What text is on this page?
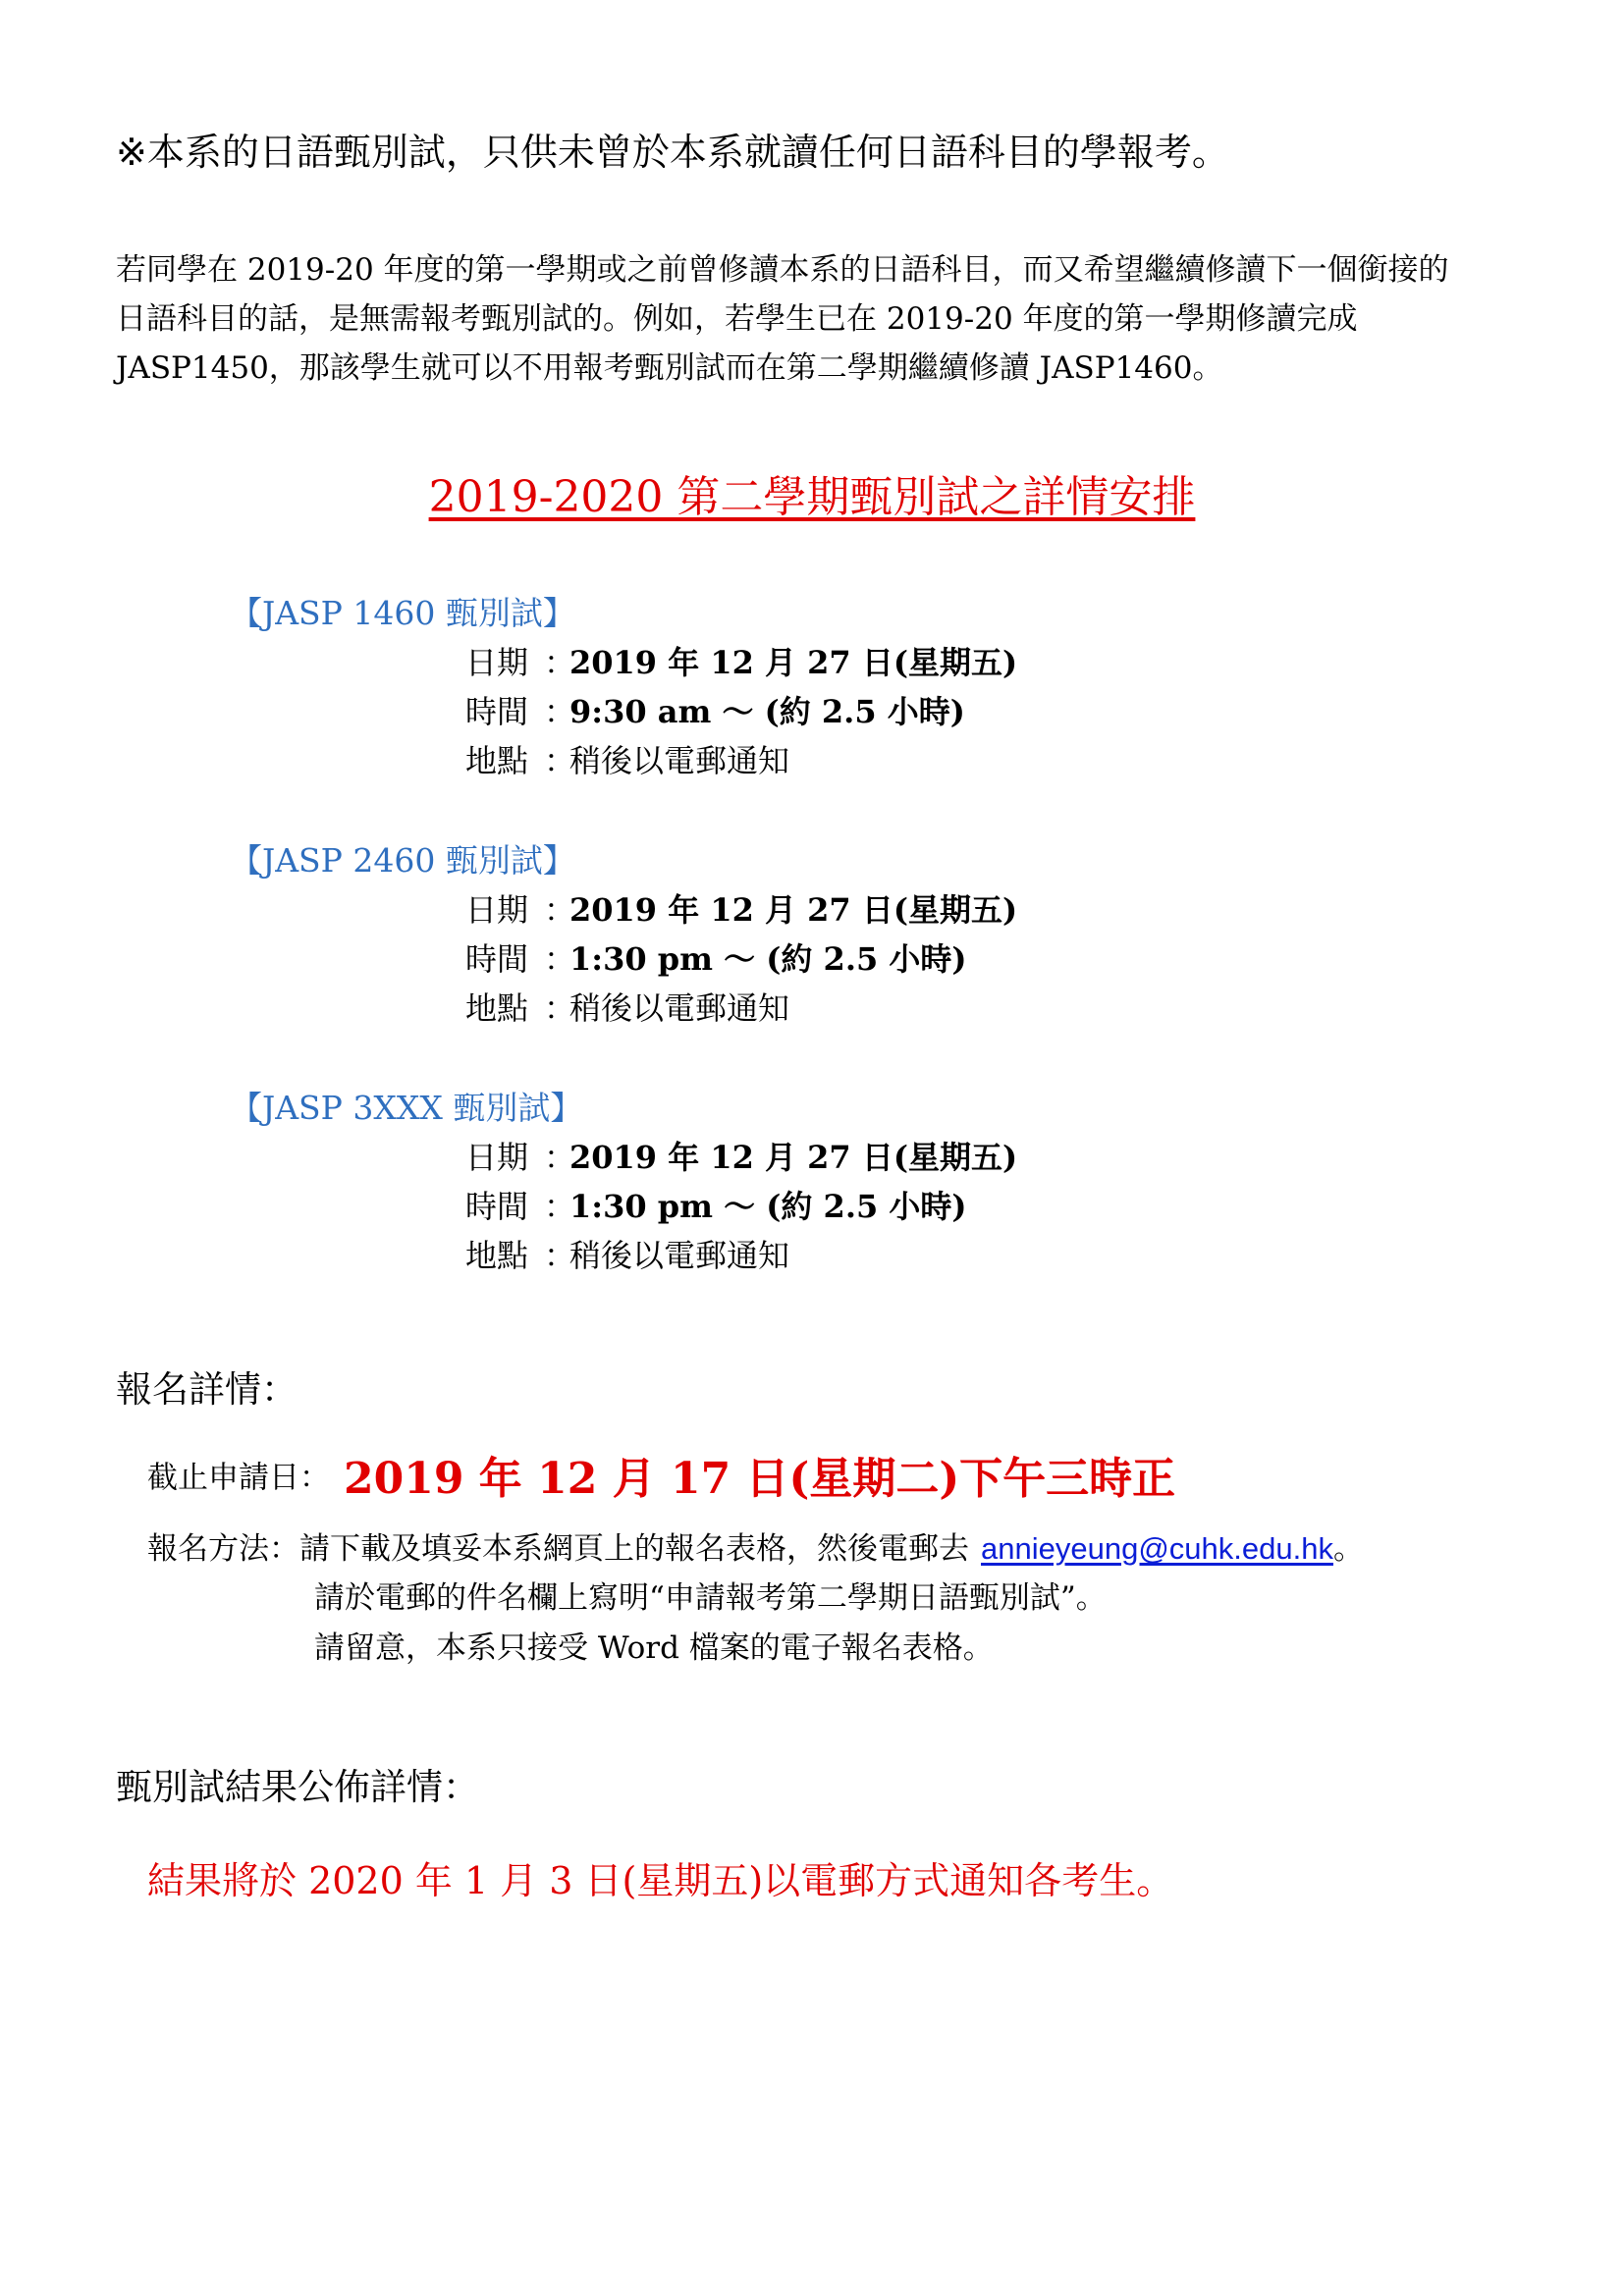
※本系的日語甄別試，只供未曾於本系就讀任何日語科目的學報考。

若同學在 2019-20 年度的第一學期或之前曾修讀本系的日語科目，而又希望繼續修讀下一個銜接的

日語科目的話，是無需報考甄別試的。例如，若學生已在 2019-20 年度的第一學期修讀完成

JASP1450，那該學生就可以不用報考甄別試而在第二學期繼續修讀 JASP1460。

2019-2020 第二學期甄別試之詳情安排
【JASP 1460 甄別試】
日期 ：2019 年 12 月 27 日(星期五)
時間 ：9:30 am ～ (約 2.5 小時)
地點 ：稍後以電郵通知
【JASP 2460 甄別試】
日期 ：2019 年 12 月 27 日(星期五)
時間 ：1:30 pm ～ (約 2.5 小時)
地點 ：稍後以電郵通知
【JASP 3XXX 甄別試】
日期 ：2019 年 12 月 27 日(星期五)
時間 ：1:30 pm ～ (約 2.5 小時)
地點 ：稍後以電郵通知
報名詳情：
截止申請日： 2019 年 12 月 17 日(星期二)下午三時正
報名方法：請下載及填妥本系網頁上的報名表格，然後電郵去 annieyeung@cuhk.edu.hk。
請於電郵的件名欄上寫明“申請報考第二學期日語甄別試”。
請留意，本系只接受 Word 檔案的電子報名表格。
甄別試結果公佈詳情：
結果將於 2020 年 1 月 3 日(星期五)以電郵方式通知各考生。
